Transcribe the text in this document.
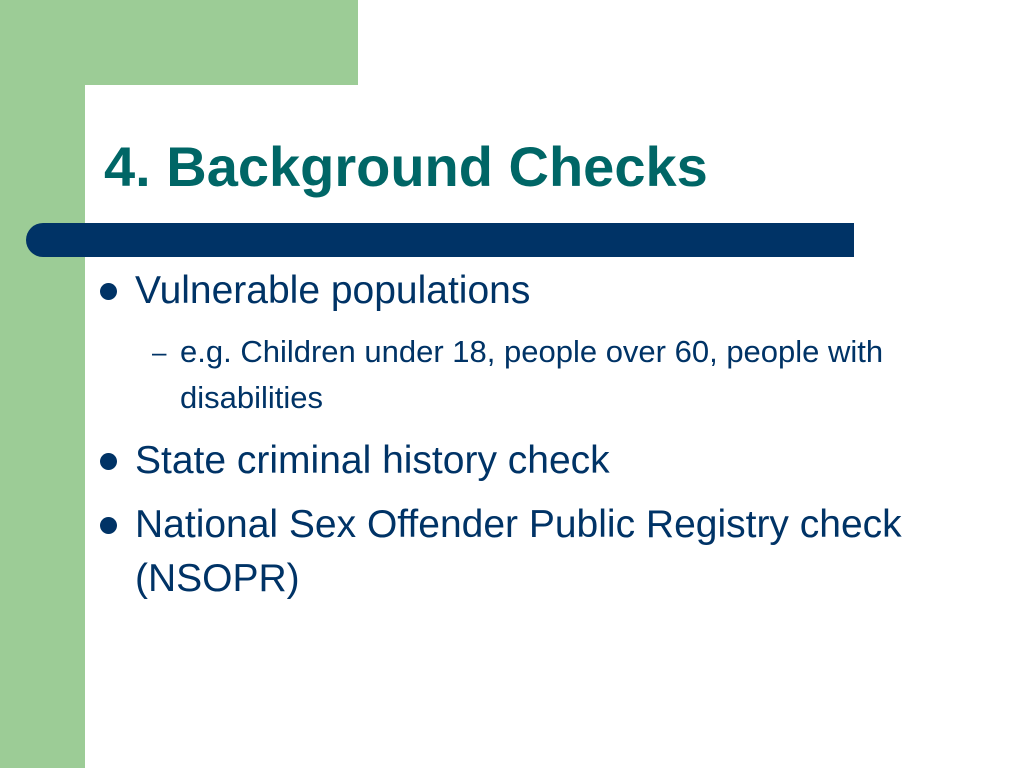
4. Background Checks
Vulnerable populations
– e.g. Children under 18, people over 60, people with disabilities
State criminal history check
National Sex Offender Public Registry check (NSOPR)
